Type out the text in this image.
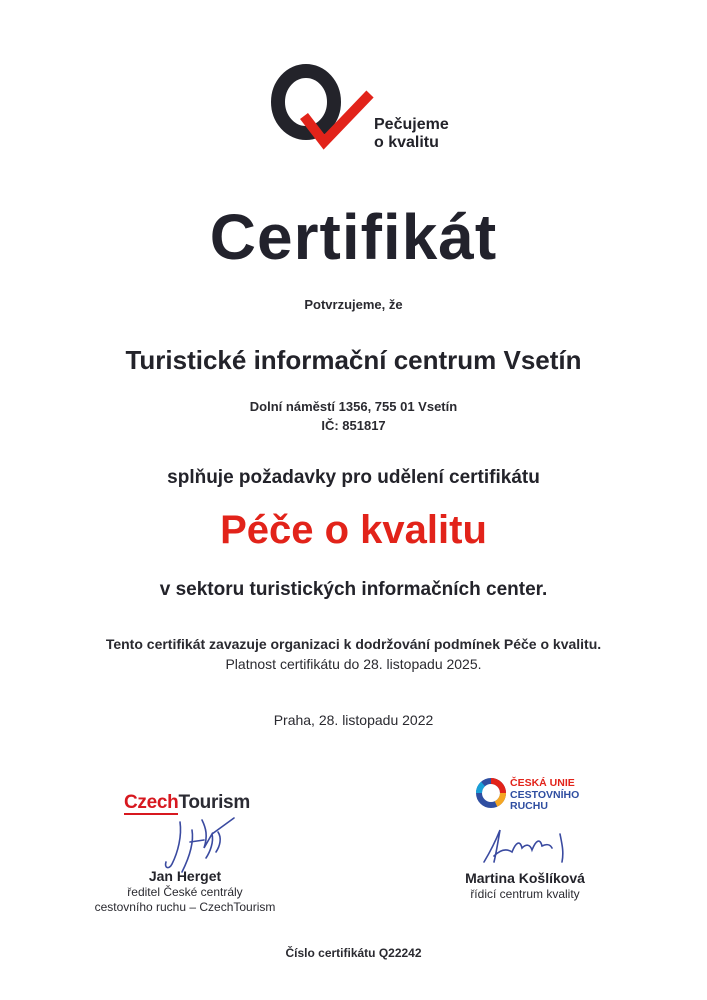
Pečujeme
o kvalitu
Certifikát
Potvrzujeme, že
Turistické informační centrum Vsetín
Dolní náměstí 1356, 755 01 Vsetín
IČ: 851817
splňuje požadavky pro udělení certifikátu
Péče o kvalitu
v sektoru turistických informačních center.
Tento certifikát zavazuje organizaci k dodržování podmínek Péče o kvalitu.
Platnost certifikátu do 28. listopadu 2025.
Praha, 28. listopadu 2022
CzechTourism
Jan Herget
ředitel České centrály
cestovního ruchu – CzechTourism
ČESKÁ UNIE
CESTOVNÍHO
RUCHU
Martina Košlíková
řídicí centrum kvality
Číslo certifikátu Q22242
